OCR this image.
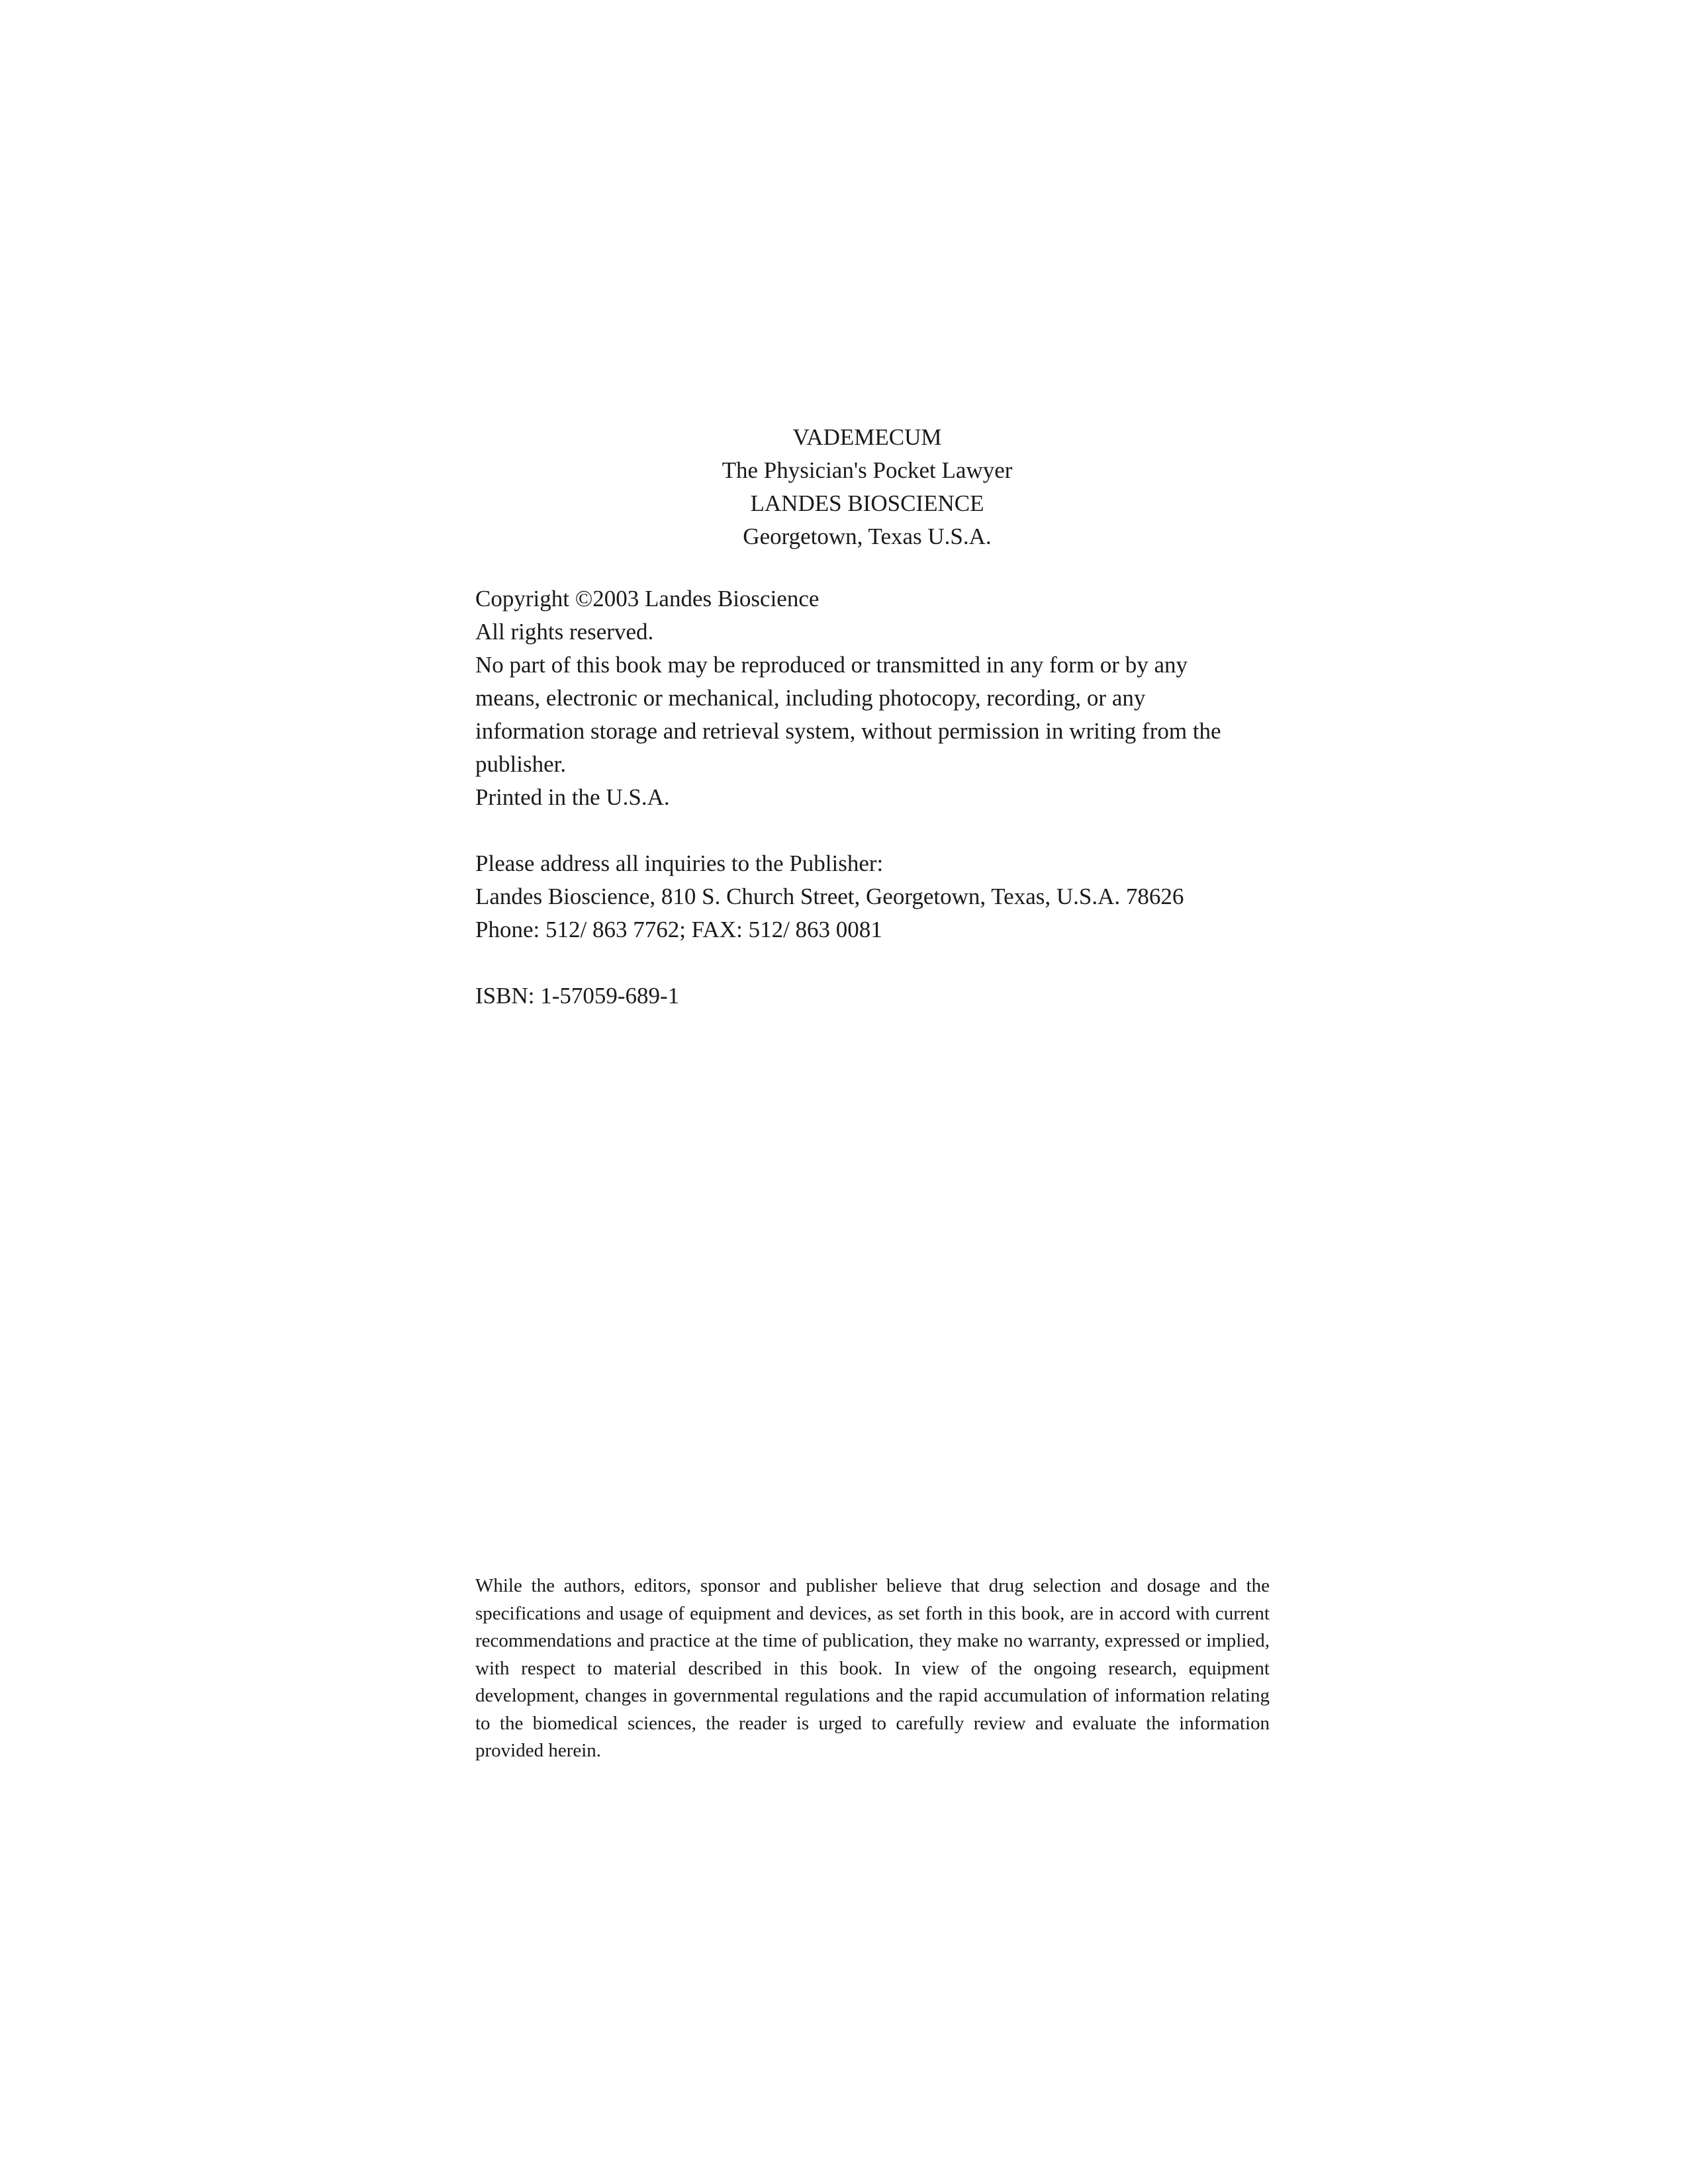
VADEMECUM
The Physician's Pocket Lawyer
LANDES BIOSCIENCE
Georgetown, Texas U.S.A.

Copyright ©2003 Landes Bioscience

All rights reserved.

No part of this book may be reproduced or transmitted in any form or by any

means, electronic or mechanical, including photocopy, recording, or any

information storage and retrieval system, without permission in writing from the

publisher.

Printed in the U.S.A.

Please address all inquiries to the Publisher:

Landes Bioscience, 810 S. Church Street, Georgetown, Texas, U.S.A. 78626

Phone: 512/ 863 7762; FAX: 512/ 863 0081

ISBN: 1-57059-689-1

While the authors, editors, sponsor and publisher believe that drug selection and dosage and the specifications and usage of equipment and devices, as set forth in this book, are in accord with current recommendations and practice at the time of publication, they make no warranty, expressed or implied, with respect to material described in this book. In view of the ongoing research, equipment development, changes in governmental regulations and the rapid accumulation of information relating to the biomedical sciences, the reader is urged to carefully review and evaluate the information provided herein.
